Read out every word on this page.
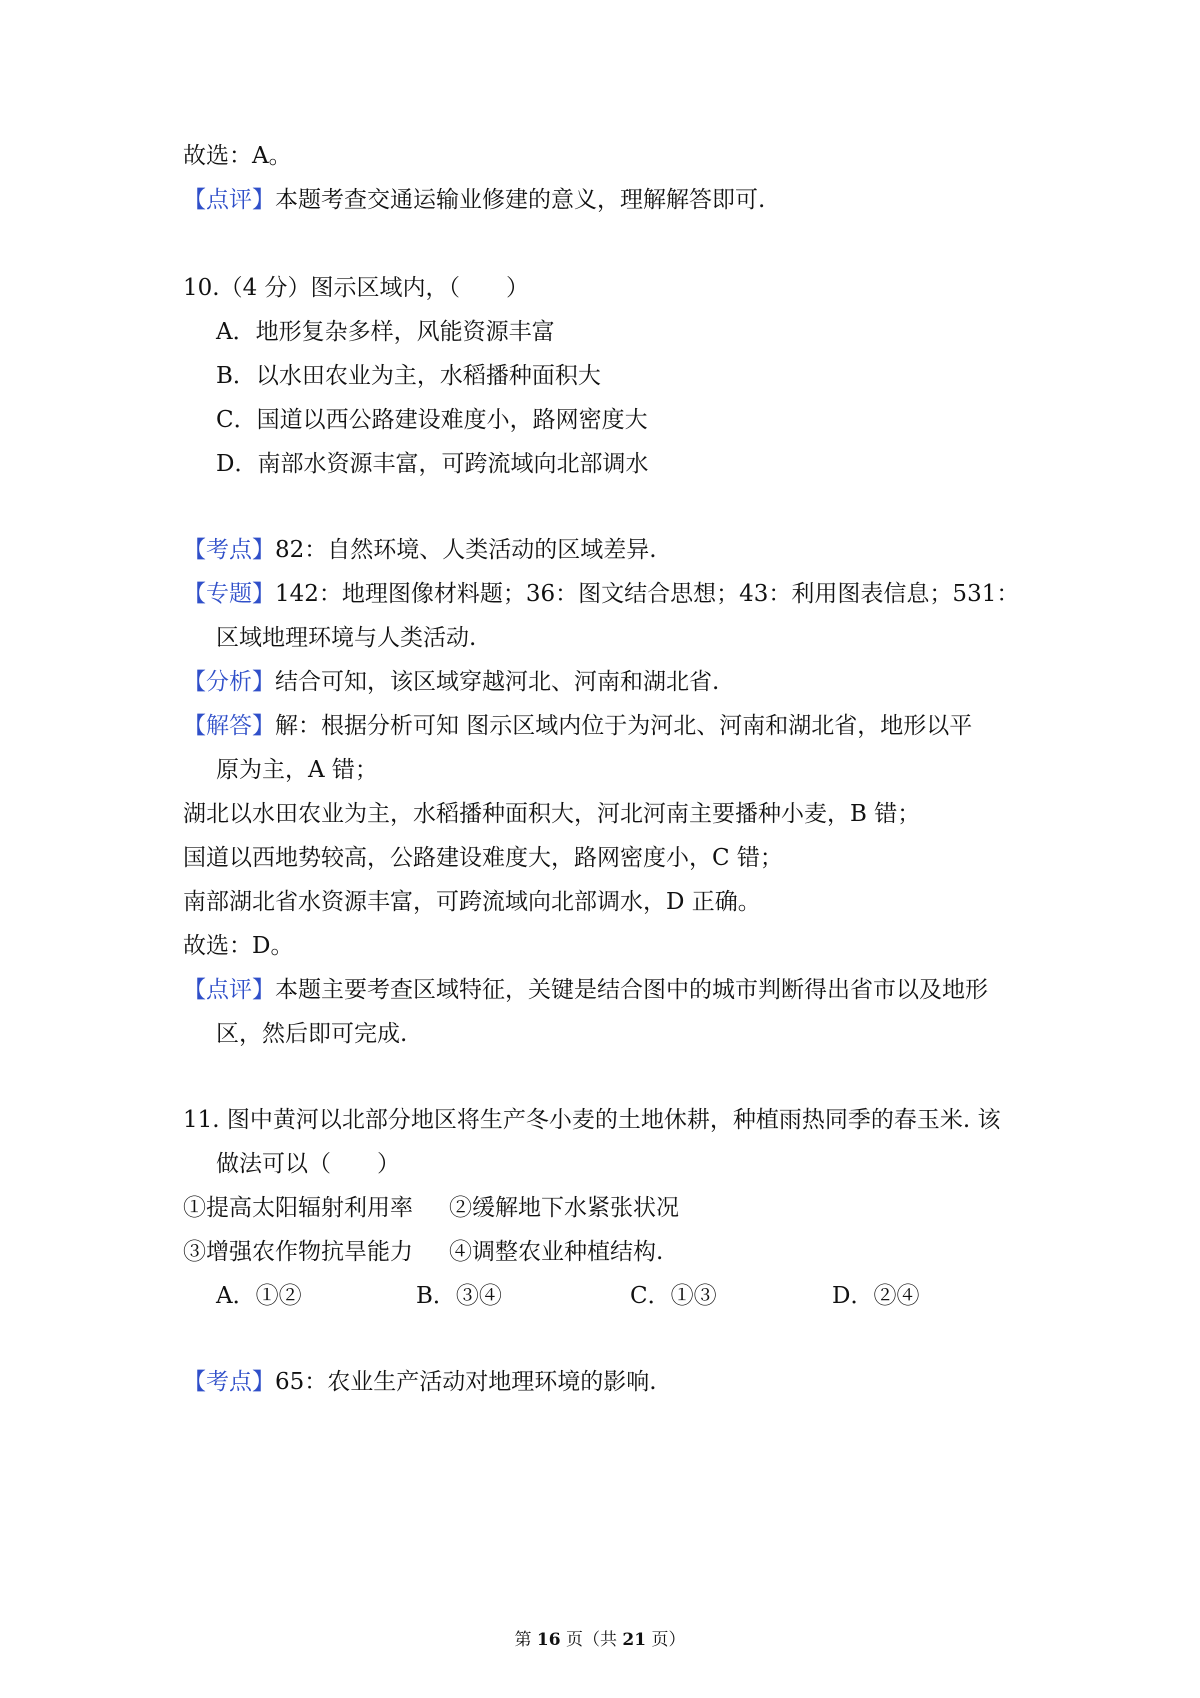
故选：A。
【点评】本题考查交通运输业修建的意义，理解解答即可.
10.（4 分）图示区域内，（　　）
A．地形复杂多样，风能资源丰富
B．以水田农业为主，水稻播种面积大
C．国道以西公路建设难度小，路网密度大
D．南部水资源丰富，可跨流域向北部调水
【考点】82：自然环境、人类活动的区域差异.
【专题】142：地理图像材料题；36：图文结合思想；43：利用图表信息；531：
区域地理环境与人类活动.
【分析】结合可知，该区域穿越河北、河南和湖北省.
【解答】解：根据分析可知 图示区域内位于为河北、河南和湖北省，地形以平
原为主，A 错；
湖北以水田农业为主，水稻播种面积大，河北河南主要播种小麦，B 错；
国道以西地势较高，公路建设难度大，路网密度小，C 错；
南部湖北省水资源丰富，可跨流域向北部调水，D 正确。
故选：D。
【点评】本题主要考查区域特征，关键是结合图中的城市判断得出省市以及地形
区，然后即可完成.
11. 图中黄河以北部分地区将生产冬小麦的土地休耕，种植雨热同季的春玉米. 该
做法可以（　　）
①提高太阳辐射利用率 ②缓解地下水紧张状况
③增强农作物抗旱能力 ④调整农业种植结构.
A．①②	B．③④	C．①③	D．②④
【考点】65：农业生产活动对地理环境的影响.
第 16 页（共 21 页）
